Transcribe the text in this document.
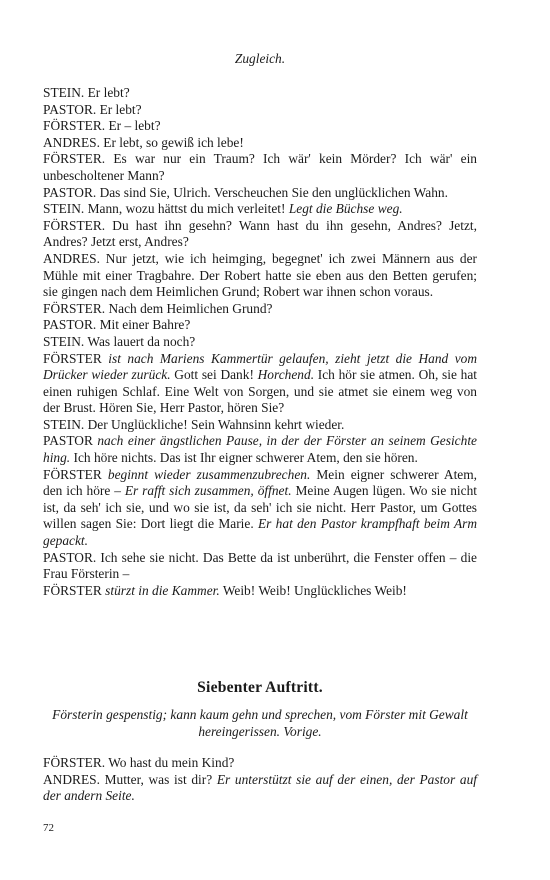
Zugleich.

STEIN. Er lebt?

PASTOR. Er lebt?

FÖRSTER. Er – lebt?

ANDRES. Er lebt, so gewiß ich lebe!

FÖRSTER. Es war nur ein Traum? Ich wär' kein Mörder? Ich wär' ein unbescholtener Mann?

PASTOR. Das sind Sie, Ulrich. Verscheuchen Sie den unglücklichen Wahn.

STEIN. Mann, wozu hättst du mich verleitet! Legt die Büchse weg.

FÖRSTER. Du hast ihn gesehn? Wann hast du ihn gesehn, Andres? Jetzt, Andres? Jetzt erst, Andres?

ANDRES. Nur jetzt, wie ich heimging, begegnet' ich zwei Männern aus der Mühle mit einer Tragbahre. Der Robert hatte sie eben aus den Betten gerufen; sie gingen nach dem Heimlichen Grund; Robert war ihnen schon voraus.

FÖRSTER. Nach dem Heimlichen Grund?

PASTOR. Mit einer Bahre?

STEIN. Was lauert da noch?

FÖRSTER ist nach Mariens Kammertür gelaufen, zieht jetzt die Hand vom Drücker wieder zurück. Gott sei Dank! Horchend. Ich hör sie atmen. Oh, sie hat einen ruhigen Schlaf. Eine Welt von Sorgen, und sie atmet sie einem weg von der Brust. Hören Sie, Herr Pastor, hören Sie?

STEIN. Der Unglückliche! Sein Wahnsinn kehrt wieder.

PASTOR nach einer ängstlichen Pause, in der der Förster an seinem Gesichte hing. Ich höre nichts. Das ist Ihr eigner schwerer Atem, den sie hören.

FÖRSTER beginnt wieder zusammenzubrechen. Mein eigner schwerer Atem, den ich höre – Er rafft sich zusammen, öffnet. Meine Augen lügen. Wo sie nicht ist, da seh' ich sie, und wo sie ist, da seh' ich sie nicht. Herr Pastor, um Gottes willen sagen Sie: Dort liegt die Marie. Er hat den Pastor krampfhaft beim Arm gepackt.

PASTOR. Ich sehe sie nicht. Das Bette da ist unberührt, die Fenster offen – die Frau Försterin –

FÖRSTER stürzt in die Kammer. Weib! Weib! Unglückliches Weib!

Siebenter Auftritt.
Försterin gespenstig; kann kaum gehn und sprechen, vom Förster mit Gewalt hereingerissen. Vorige.

FÖRSTER. Wo hast du mein Kind?

ANDRES. Mutter, was ist dir? Er unterstützt sie auf der einen, der Pastor auf der andern Seite.

72
